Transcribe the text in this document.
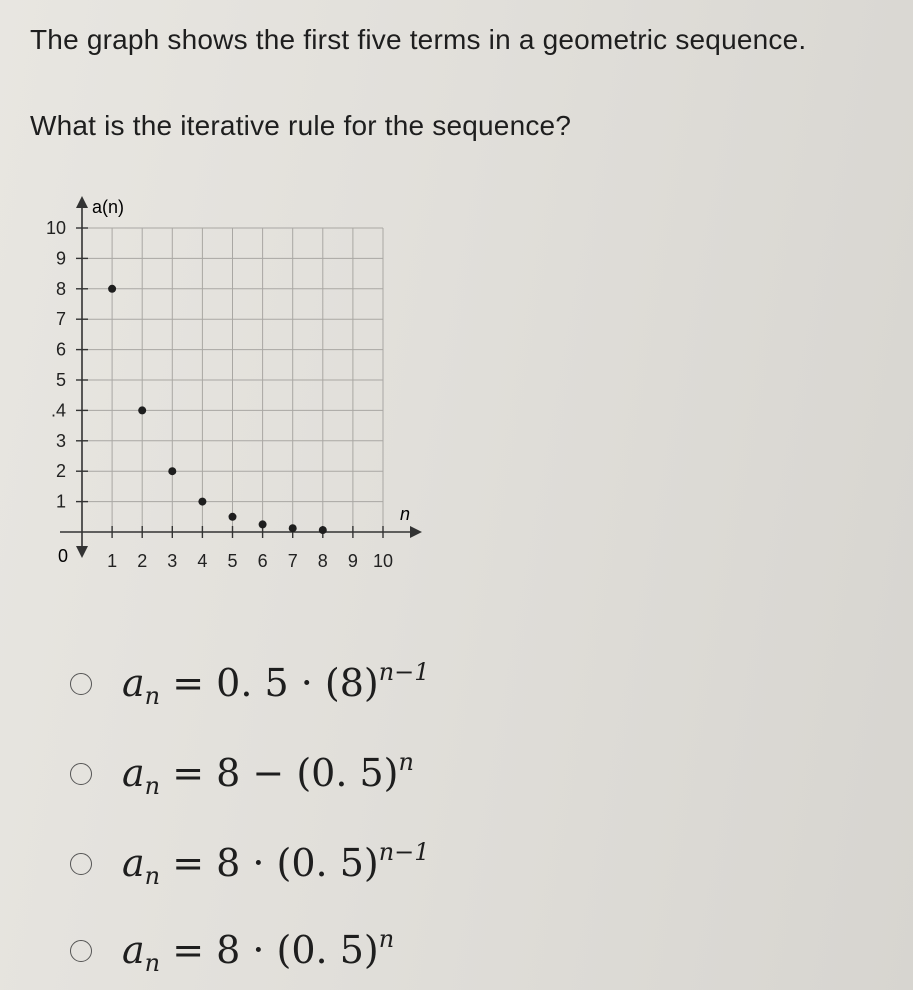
The graph shows the first five terms in a geometric sequence.

What is the iterative rule for the sequence?

1 2 3 4 5 6 7 8 9 10
1
2
3
.4
5
6
7
8
9
10
a(n)
n
0
$a_n = 0$. $5 \cdot (8)^{n-1}$
$a_n = 8 - (0$. 5)$^n$
$a_n = 8 \cdot (0$. 5)$^{n-1}$
$a_n = 8 \cdot (0$. 5)$^n$
